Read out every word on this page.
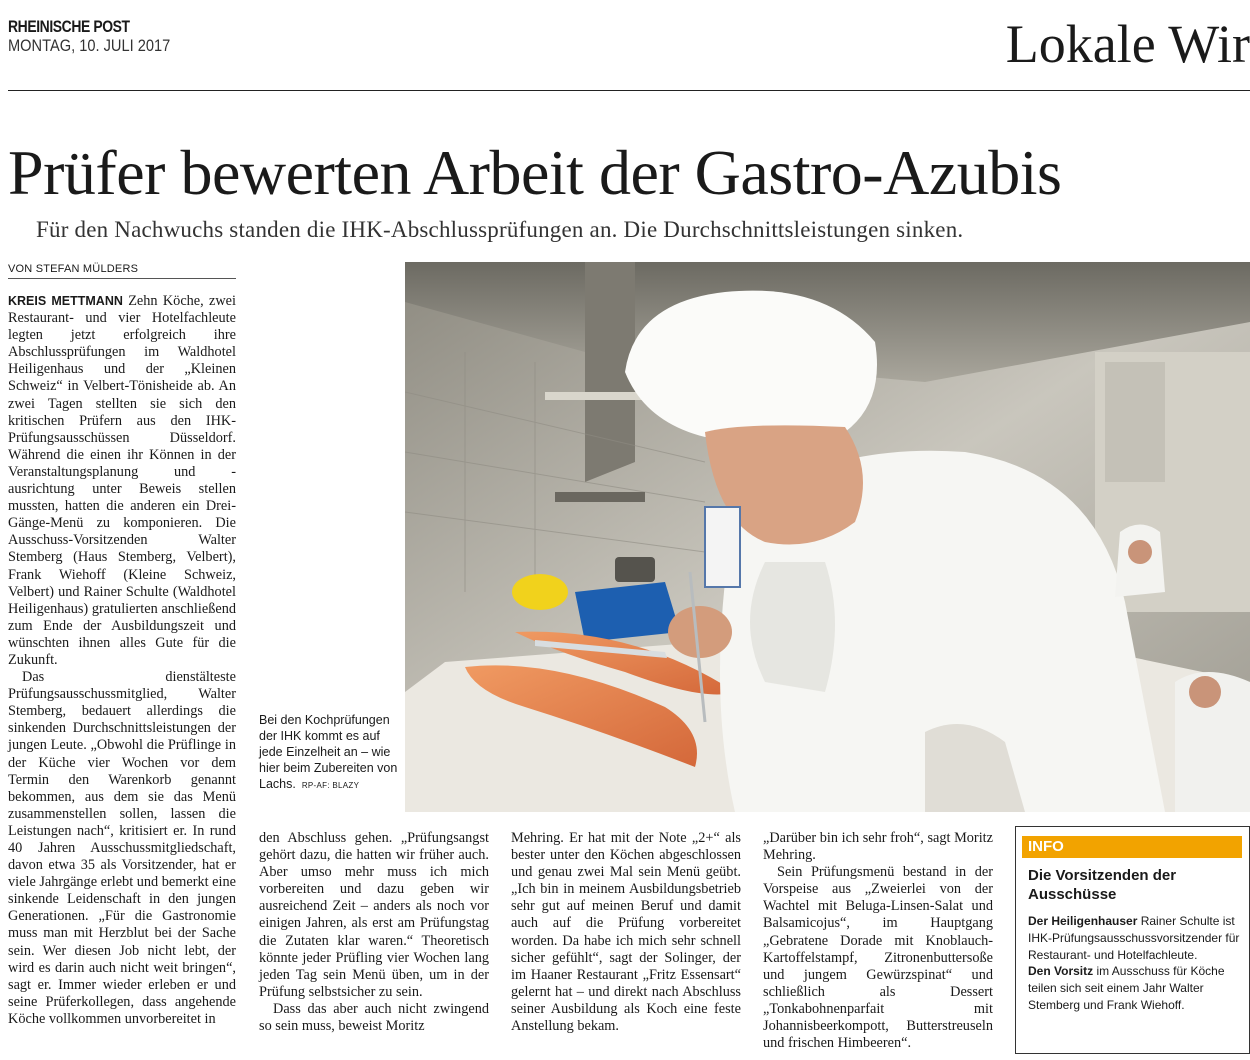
RHEINISCHE POST
MONTAG, 10. JULI 2017	Lokale Wir
Prüfer bewerten Arbeit der Gastro-Azubis
Für den Nachwuchs standen die IHK-Abschlussprüfungen an. Die Durchschnittsleistungen sinken.
VON STEFAN MÜLDERS

KREIS METTMANN Zehn Köche, zwei Restaurant- und vier Hotelfachleute legten jetzt erfolgreich ihre Abschlussprüfungen im Waldhotel Heiligenhaus und der „Kleinen Schweiz“ in Velbert-Tönisheide ab. An zwei Tagen stellten sie sich den kritischen Prüfern aus den IHK-Prüfungsausschüssen Düsseldorf. Während die einen ihr Können in der Veranstaltungsplanung und -ausrichtung unter Beweis stellen mussten, hatten die anderen ein Drei-Gänge-Menü zu komponieren. Die Ausschuss-Vorsitzenden Walter Stemberg (Haus Stemberg, Velbert), Frank Wiehoff (Kleine Schweiz, Velbert) und Rainer Schulte (Waldhotel Heiligenhaus) gratulierten anschließend zum Ende der Ausbildungszeit und wünschten ihnen alles Gute für die Zukunft.

Das dienstälteste Prüfungsausschussmitglied, Walter Stemberg, bedauert allerdings die sinkenden Durchschnittsleistungen der jungen Leute. „Obwohl die Prüflinge in der Küche vier Wochen vor dem Termin den Warenkorb genannt bekommen, aus dem sie das Menü zusammenstellen sollen, lassen die Leistungen nach“, kritisiert er. In rund 40 Jahren Ausschussmitgliedschaft, davon etwa 35 als Vorsitzender, hat er viele Jahrgänge erlebt und bemerkt eine sinkende Leidenschaft in den jungen Generationen. „Für die Gastronomie muss man mit Herzblut bei der Sache sein. Wer diesen Job nicht lebt, der wird es darin auch nicht weit bringen“, sagt er. Immer wieder erleben er und seine Prüferkollegen, dass angehende Köche vollkommen unvorbereitet in

Bei den Kochprüfungen der IHK kommt es auf jede Einzelheit an – wie hier beim Zubereiten von Lachs. RP-AF: BLAZY

den Abschluss gehen. „Prüfungsangst gehört dazu, die hatten wir früher auch. Aber umso mehr muss ich mich vorbereiten und dazu geben wir ausreichend Zeit – anders als noch vor einigen Jahren, als erst am Prüfungstag die Zutaten klar waren.“ Theoretisch könnte jeder Prüfling vier Wochen lang jeden Tag sein Menü üben, um in der Prüfung selbstsicher zu sein.

Dass das aber auch nicht zwingend so sein muss, beweist Moritz

Mehring. Er hat mit der Note „2+“ als bester unter den Köchen abgeschlossen und genau zwei Mal sein Menü geübt. „Ich bin in meinem Ausbildungsbetrieb sehr gut auf meinen Beruf und damit auch auf die Prüfung vorbereitet worden. Da habe ich mich sehr schnell sicher gefühlt“, sagt der Solinger, der im Haaner Restaurant „Fritz Essensart“ gelernt hat – und direkt nach Abschluss seiner Ausbildung als Koch eine feste Anstellung bekam.

„Darüber bin ich sehr froh“, sagt Moritz Mehring.

Sein Prüfungsmenü bestand in der Vorspeise aus „Zweierlei von der Wachtel mit Beluga-Linsen-Salat und Balsamicojus“, im Hauptgang „Gebratene Dorade mit Knoblauch-Kartoffelstampf, Zitronenbuttersoße und jungem Gewürzspinat“ und schließlich als Dessert „Tonkabohnenparfait mit Johannisbeerkompott, Butterstreuseln und frischen Himbeeren“.

INFO
Die Vorsitzenden der Ausschüsse

Der Heiligenhauser Rainer Schulte ist IHK-Prüfungsausschussvorsitzender für Restaurant- und Hotelfachleute.

Den Vorsitz im Ausschuss für Köche teilen sich seit einem Jahr Walter Stemberg und Frank Wiehoff.
